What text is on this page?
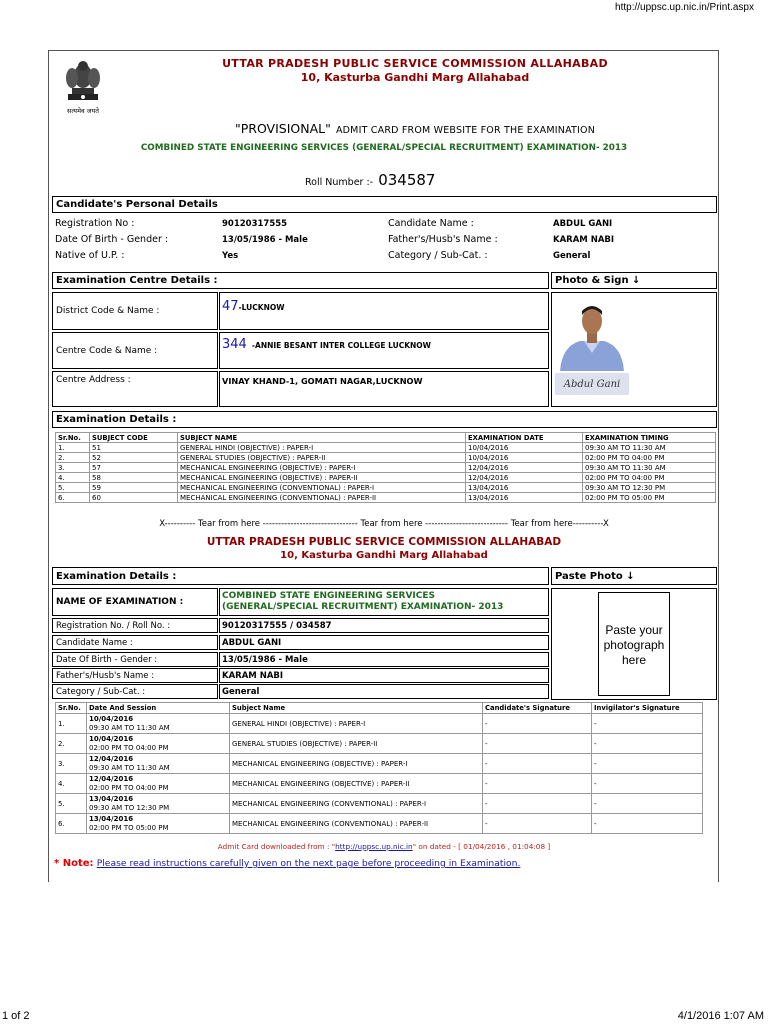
http://uppsc.up.nic.in/Print.aspx
1 of 2	4/1/2016 1:07 AM
सत्यमेव जयते
UTTAR PRADESH PUBLIC SERVICE COMMISSION ALLAHABAD
10, Kasturba Gandhi Marg Allahabad
"PROVISIONAL" ADMIT CARD FROM WEBSITE FOR THE EXAMINATION
COMBINED STATE ENGINEERING SERVICES (GENERAL/SPECIAL RECRUITMENT) EXAMINATION- 2013
Roll Number :- 034587
Candidate's Personal Details
Registration No :	90120317555	Candidate Name :	ABDUL GANI
Date Of Birth - Gender :	13/05/1986 - Male	Father's/Husb's Name :	KARAM NABI
Native of U.P. :	Yes	Category / Sub-Cat. :	General
Examination Centre Details :	Photo & Sign ↓
District Code & Name :	47-LUCKNOW
Centre Code & Name :	344 -ANNIE BESANT INTER COLLEGE LUCKNOW
Centre Address :	VINAY KHAND-1, GOMATI NAGAR,LUCKNOW	Abdul Gani
Examination Details :
Sr.No.	SUBJECT CODE	SUBJECT NAME	EXAMINATION DATE	EXAMINATION TIMING
1.	51	GENERAL HINDI (OBJECTIVE) : PAPER-I	10/04/2016	09:30 AM TO 11:30 AM
2.	52	GENERAL STUDIES (OBJECTIVE) : PAPER-II	10/04/2016	02:00 PM TO 04:00 PM
3.	57	MECHANICAL ENGINEERING (OBJECTIVE) : PAPER-I	12/04/2016	09:30 AM TO 11:30 AM
4.	58	MECHANICAL ENGINEERING (OBJECTIVE) : PAPER-II	12/04/2016	02:00 PM TO 04:00 PM
5.	59	MECHANICAL ENGINEERING (CONVENTIONAL) : PAPER-I	13/04/2016	09:30 AM TO 12:30 PM
6.	60	MECHANICAL ENGINEERING (CONVENTIONAL) : PAPER-II	13/04/2016	02:00 PM TO 05:00 PM
X---------- Tear from here ------------------------------- Tear from here --------------------------- Tear from here----------X
UTTAR PRADESH PUBLIC SERVICE COMMISSION ALLAHABAD
10, Kasturba Gandhi Marg Allahabad
Examination Details :	Paste Photo ↓
NAME OF EXAMINATION :
COMBINED STATE ENGINEERING SERVICES
(GENERAL/SPECIAL RECRUITMENT) EXAMINATION- 2013
Registration No. / Roll No. :	90120317555 / 034587
Candidate Name :	ABDUL GANI
Date Of Birth - Gender :	13/05/1986 - Male
Father's/Husb's Name :	KARAM NABI
Category / Sub-Cat. :	General
Paste your photograph here
Sr.No.	Date And Session	Subject Name	Candidate's Signature	Invigilator's Signature
1.	10/04/2016
09:30 AM TO 11:30 AM	GENERAL HINDI (OBJECTIVE) : PAPER-I	-	-
2.	10/04/2016
02:00 PM TO 04:00 PM	GENERAL STUDIES (OBJECTIVE) : PAPER-II	-	-
3.	12/04/2016
09:30 AM TO 11:30 AM	MECHANICAL ENGINEERING (OBJECTIVE) : PAPER-I	-	-
4.	12/04/2016
02:00 PM TO 04:00 PM	MECHANICAL ENGINEERING (OBJECTIVE) : PAPER-II	-	-
5.	13/04/2016
09:30 AM TO 12:30 PM	MECHANICAL ENGINEERING (CONVENTIONAL) : PAPER-I	-	-
6.	13/04/2016
02:00 PM TO 05:00 PM	MECHANICAL ENGINEERING (CONVENTIONAL) : PAPER-II	-	-
Admit Card downloaded from : "http://uppsc.up.nic.in" on dated - [ 01/04/2016 , 01:04:08 ]
* Note: Please read instructions carefully given on the next page before proceeding in Examination.
